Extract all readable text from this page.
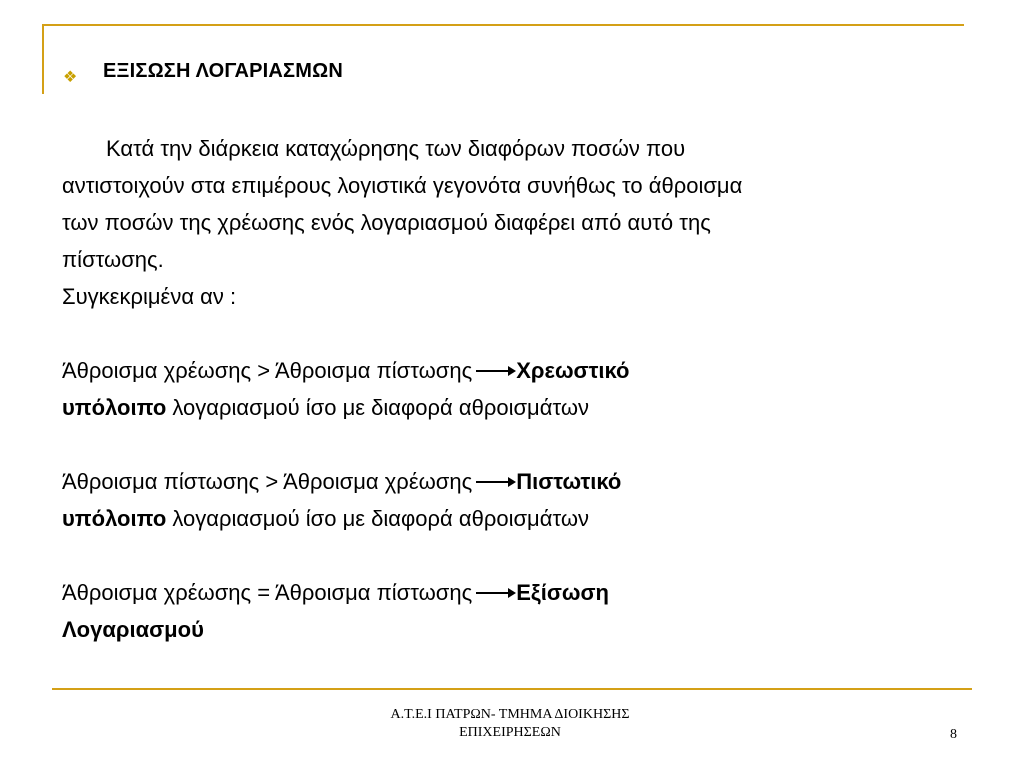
❖ ΕΞΙΣΩΣΗ ΛΟΓΑΡΙΑΣΜΩΝ
Κατά την διάρκεια καταχώρησης των διαφόρων ποσών που
αντιστοιχούν στα επιμέρους λογιστικά γεγονότα συνήθως το άθροισμα
των ποσών της χρέωσης ενός λογαριασμού διαφέρει από αυτό της
πίστωσης.
Συγκεκριμένα αν :
Άθροισμα χρέωσης > Άθροισμα πίστωσης Χρεωστικό
υπόλοιπο λογαριασμού ίσο με διαφορά αθροισμάτων
Άθροισμα πίστωσης > Άθροισμα χρέωσης Πιστωτικό
υπόλοιπο λογαριασμού ίσο με διαφορά αθροισμάτων
Άθροισμα χρέωσης = Άθροισμα πίστωσης Εξίσωση
Λογαριασμού
Α.Τ.Ε.Ι ΠΑΤΡΩΝ- ΤΜΗΜΑ ΔΙΟΙΚΗΣΗΣ
ΕΠΙΧΕΙΡΗΣΕΩΝ	8
